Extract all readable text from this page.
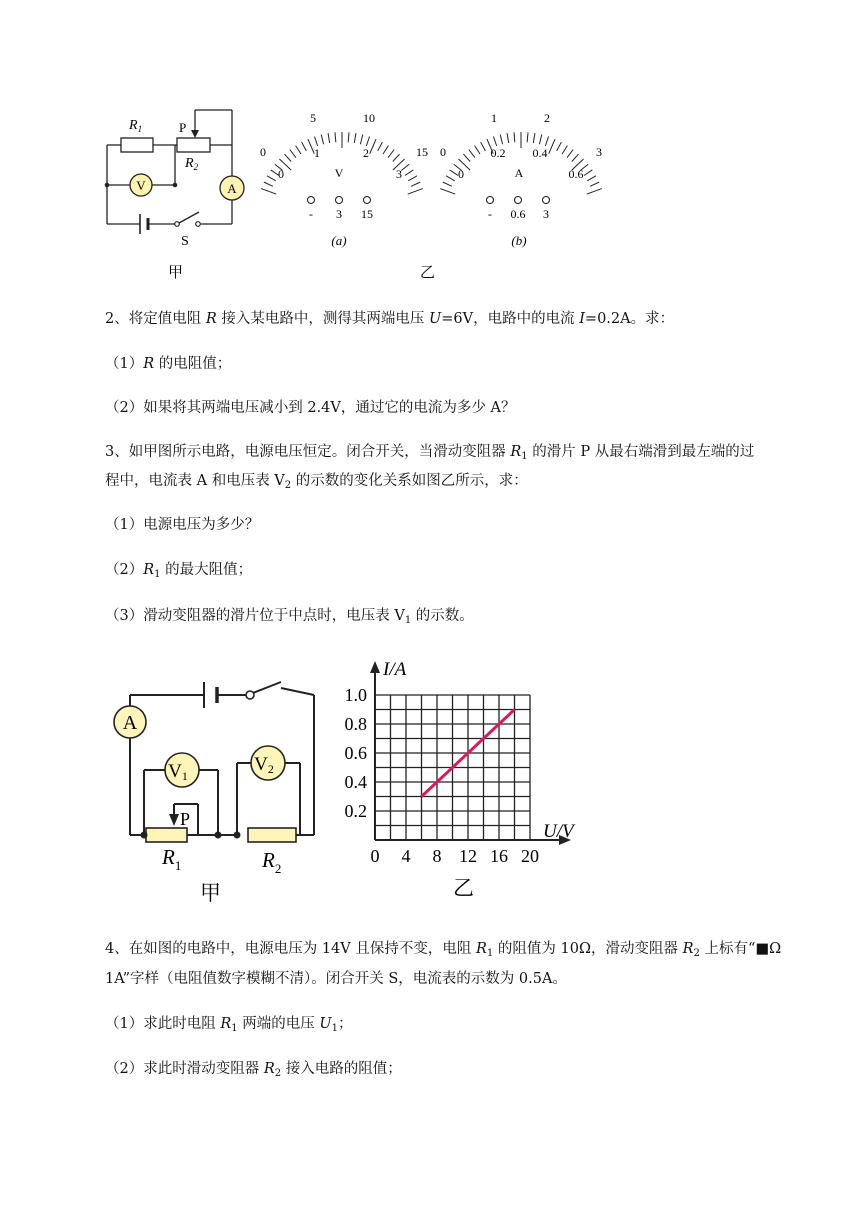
V	A
$R_1$	P
$R_2$
S
甲
0
5	10
15
0
1	2
3
V
- 3 15
(a)
0
1	2
3
0
0.2 0.4
0.6
A
- 0.6 3
(b)
乙
2、将定值电阻 R 接入某电路中，测得其两端电压 U=6V，电路中的电流 I=0.2A。求：
（1）R 的电阻值；
（2）如果将其两端电压减小到 2.4V，通过它的电流为多少 A？
3、如甲图所示电路，电源电压恒定。闭合开关，当滑动变阻器 $R_1$ 的滑片 P 从最右端滑到最左端的过
程中，电流表 A 和电压表 $V_2$ 的示数的变化关系如图乙所示，求：
（1）电源电压为多少？
$(2)R_1$ 的最大阻值；
（3）滑动变阻器的滑片位于中点时，电压表 $V_1$ 的示数。
A
V1
V2
P
$R_1$	$R_2$
甲
I/A
U/V
0.2
0.4
0.6
0.8
1.0
0 4 8 12 16 20
乙
4、在如图的电路中，电源电压为 14V 且保持不变，电阻 $R_1$ 的阻值为 10Ω，滑动变阻器 $R_2$ 上标有“■Ω
1A”字样（电阻值数字模糊不清）。闭合开关 S，电流表的示数为 0.5A。
（1）求此时电阻 $R_1$ 两端的电压 $U_1$；
（2）求此时滑动变阻器 $R_2$ 接入电路的阻值；
